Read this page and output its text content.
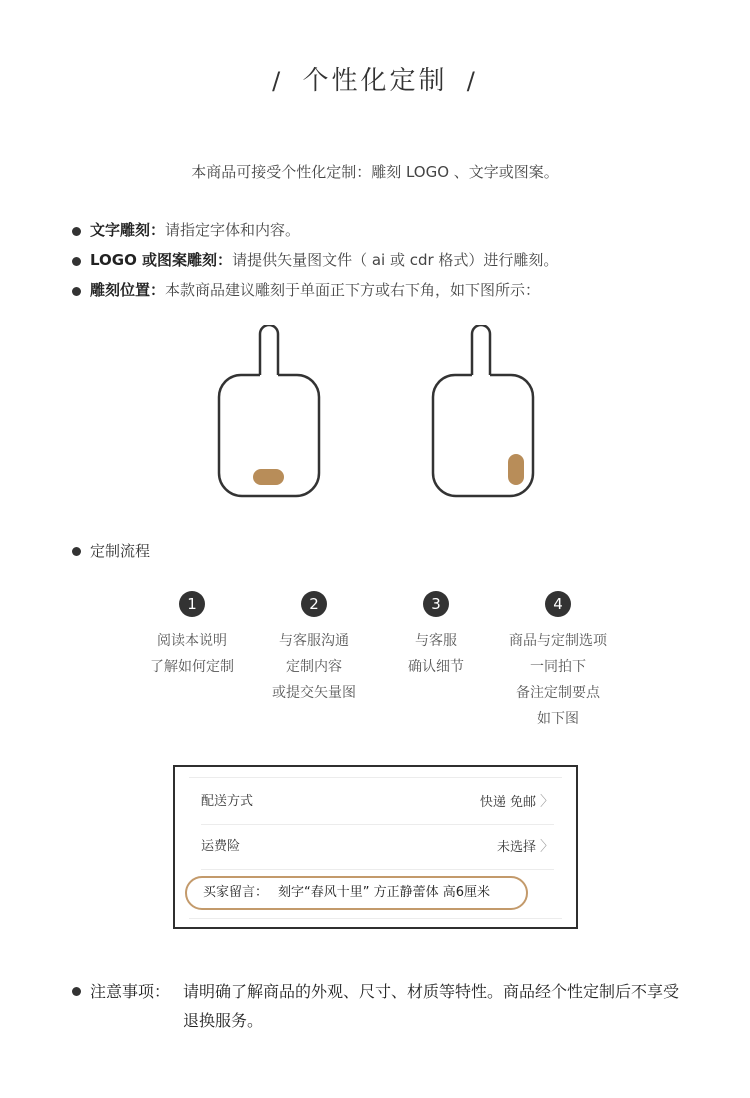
/ 个性化定制 /
本商品可接受个性化定制：雕刻 LOGO 、文字或图案。
文字雕刻：请指定字体和内容。
LOGO 或图案雕刻：请提供矢量图文件（ ai 或 cdr 格式）进行雕刻。
雕刻位置：本款商品建议雕刻于单面正下方或右下角，如下图所示：
定制流程
1
阅读本说明
了解如何定制
2
与客服沟通
定制内容
或提交矢量图
3
与客服
确认细节
4
商品与定制选项
一同拍下
备注定制要点
如下图
配送方式	快递 免邮 〉
运费险	未选择 〉
买家留言： 刻字“春风十里” 方正静蕾体 高6厘米
注意事项： 请明确了解商品的外观、尺寸、材质等特性。商品经个性定制后不享受退换服务。
